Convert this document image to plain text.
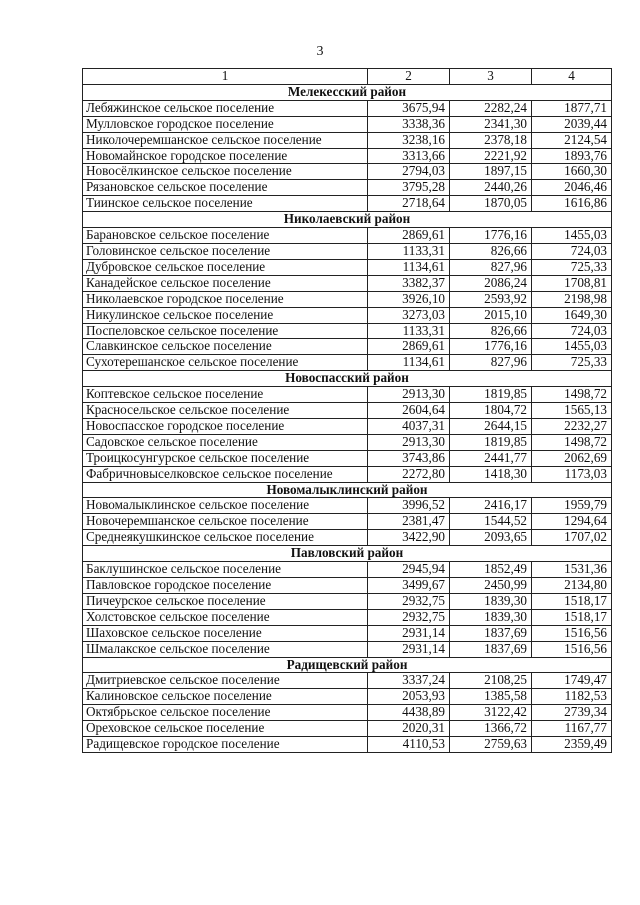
3
1	2	3	4
Мелекесский район			
Лебяжинское сельское поселение	3675,94	2282,24	1877,71
Мулловское городское поселение	3338,36	2341,30	2039,44
Николочеремшанское сельское поселение	3238,16	2378,18	2124,54
Новомайнское городское поселение	3313,66	2221,92	1893,76
Новосёлкинское сельское поселение	2794,03	1897,15	1660,30
Рязановское сельское поселение	3795,28	2440,26	2046,46
Тиинское сельское поселение	2718,64	1870,05	1616,86
Николаевский район			
Барановское сельское поселение	2869,61	1776,16	1455,03
Головинское сельское поселение	1133,31	826,66	724,03
Дубровское сельское поселение	1134,61	827,96	725,33
Канадейское сельское поселение	3382,37	2086,24	1708,81
Николаевское городское поселение	3926,10	2593,92	2198,98
Никулинское сельское поселение	3273,03	2015,10	1649,30
Поспеловское сельское поселение	1133,31	826,66	724,03
Славкинское сельское поселение	2869,61	1776,16	1455,03
Сухотерешанское сельское поселение	1134,61	827,96	725,33
Новоспасский район			
Коптевское сельское поселение	2913,30	1819,85	1498,72
Красносельское сельское поселение	2604,64	1804,72	1565,13
Новоспасское городское поселение	4037,31	2644,15	2232,27
Садовское сельское поселение	2913,30	1819,85	1498,72
Троицкосунгурское сельское поселение	3743,86	2441,77	2062,69
Фабричновыселковское сельское поселение	2272,80	1418,30	1173,03
Новомалыклинский район			
Новомалыклинское сельское поселение	3996,52	2416,17	1959,79
Новочеремшанское сельское поселение	2381,47	1544,52	1294,64
Среднеякушкинское сельское поселение	3422,90	2093,65	1707,02
Павловский район			
Баклушинское сельское поселение	2945,94	1852,49	1531,36
Павловское городское поселение	3499,67	2450,99	2134,80
Пичеурское сельское поселение	2932,75	1839,30	1518,17
Холстовское сельское поселение	2932,75	1839,30	1518,17
Шаховское сельское поселение	2931,14	1837,69	1516,56
Шмалакское сельское поселение	2931,14	1837,69	1516,56
Радищевский район			
Дмитриевское сельское поселение	3337,24	2108,25	1749,47
Калиновское сельское поселение	2053,93	1385,58	1182,53
Октябрьское сельское поселение	4438,89	3122,42	2739,34
Ореховское сельское поселение	2020,31	1366,72	1167,77
Радищевское городское поселение	4110,53	2759,63	2359,49
